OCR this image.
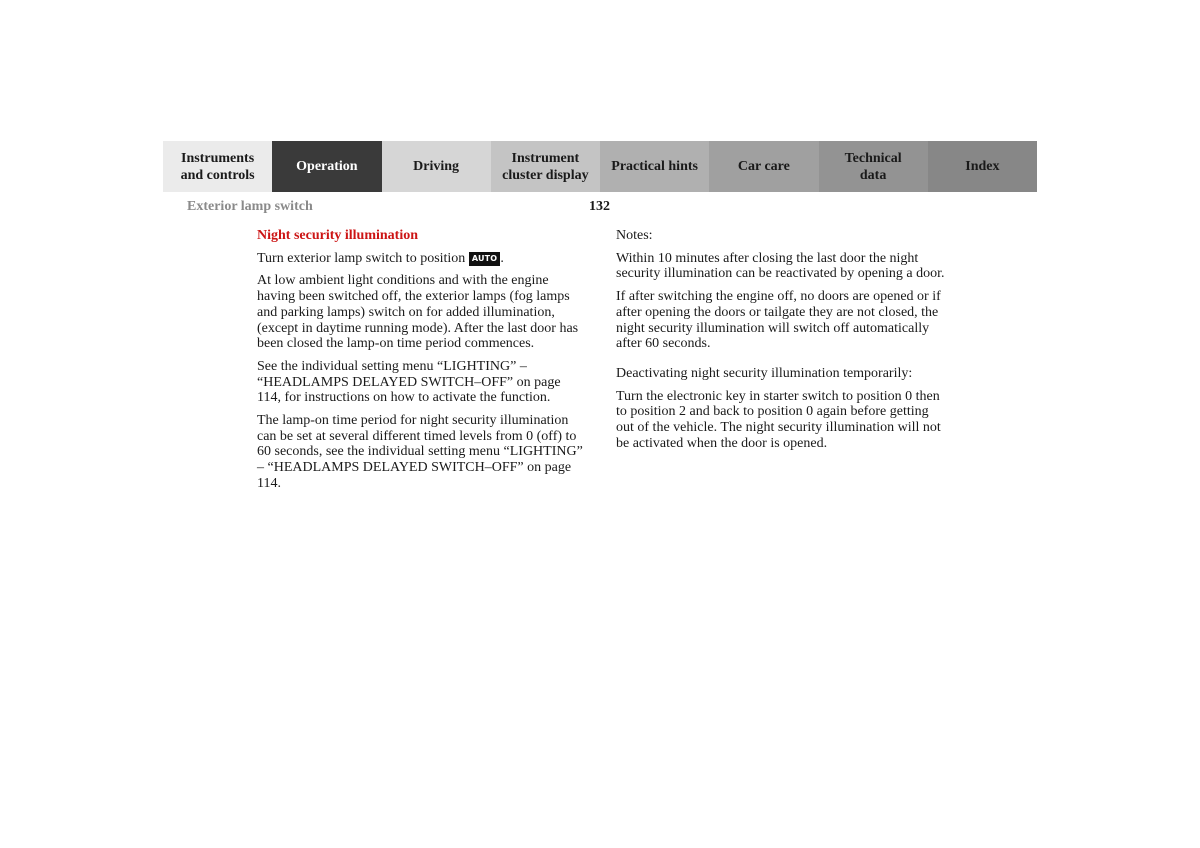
Instruments
and controls
Operation	Driving
Instrument
cluster display
Practical hints	Car care
Technical
data
Index
Exterior lamp switch	132
Night security illumination

Turn exterior lamp switch to position AUTO .

At low ambient light conditions and with the engine having been switched off, the exterior lamps (fog lamps and parking lamps) switch on for added illumination, (except in daytime running mode). After the last door has been closed the lamp-on time period commences.

See the individual setting menu “LIGHTING” – “HEADLAMPS DELAYED SWITCH–OFF” on page 114, for instructions on how to activate the function.

The lamp-on time period for night security illumination can be set at several different timed levels from 0 (off) to 60 seconds, see the individual setting menu “LIGHTING” – “HEADLAMPS DELAYED SWITCH–OFF” on page 114.

Notes:

Within 10 minutes after closing the last door the night security illumination can be reactivated by opening a door.

If after switching the engine off, no doors are opened or if after opening the doors or tailgate they are not closed, the night security illumination will switch off automatically after 60 seconds.

Deactivating night security illumination temporarily:

Turn the electronic key in starter switch to position 0 then to position 2 and back to position 0 again before getting out of the vehicle. The night security illumination will not be activated when the door is opened.
